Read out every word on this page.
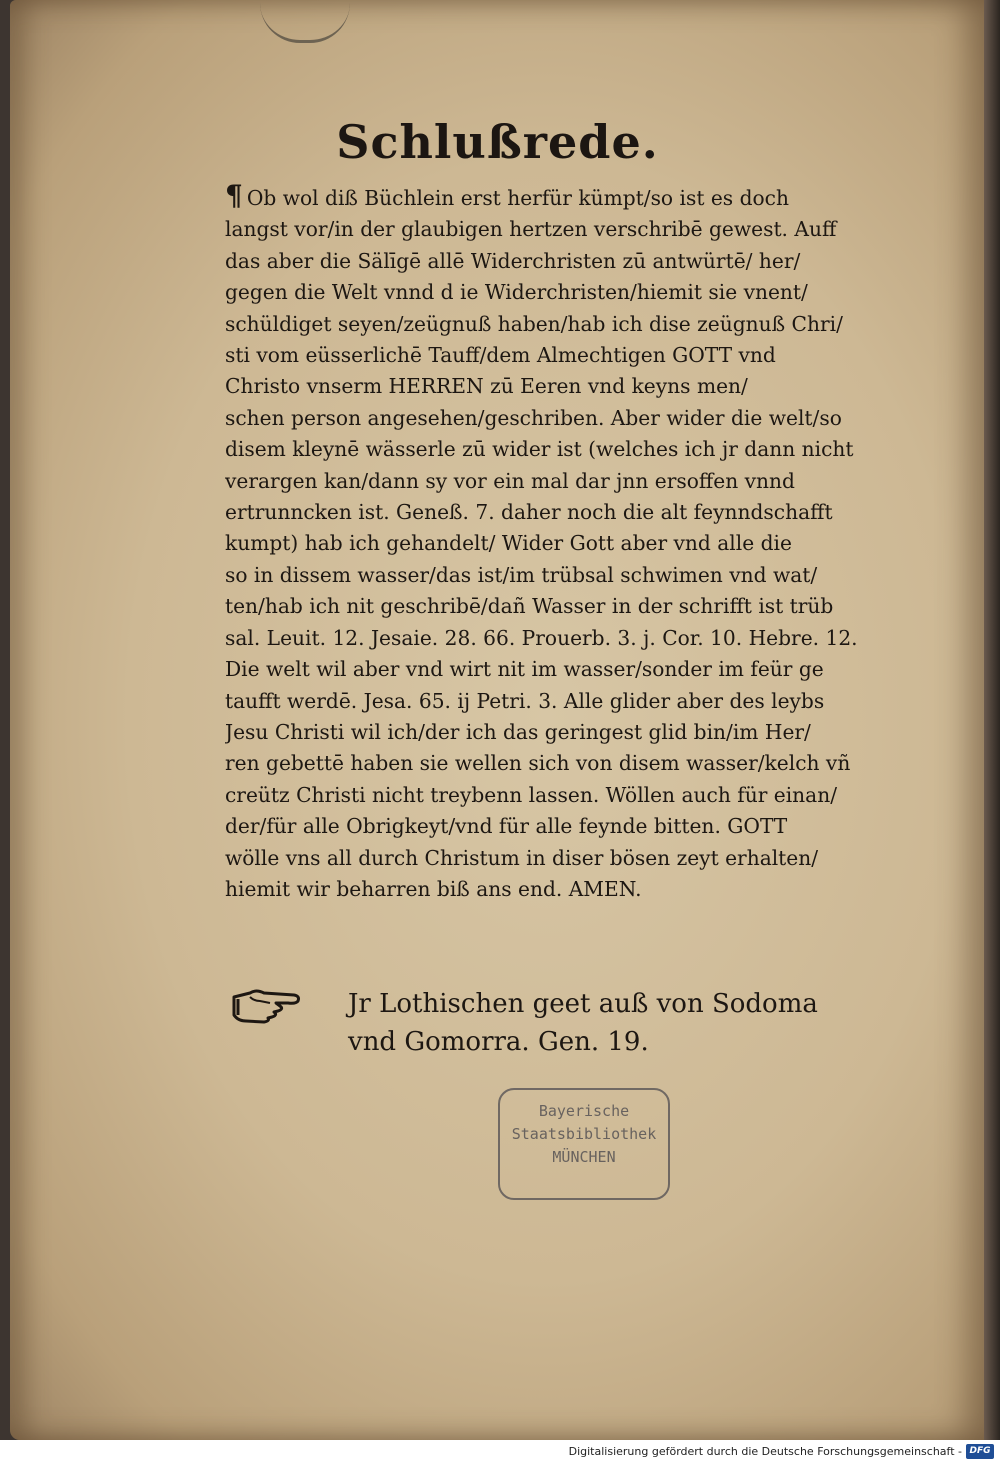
Schlußrede.
¶ Ob wol diß Büchlein erst herfür kümpt/so ist es doch
langst vor/in der glaubigen hertzen verschribē gewest. Auff
das aber die Sälīgē allē Widerchristen zū antwürtē/ her/
gegen die Welt vnnd d ie Widerchristen/hiemit sie vnent/
schüldiget seyen/zeügnuß haben/hab ich dise zeügnuß Chri/
sti vom eüsserlichē Tauff/dem Almechtigen GOTT vnd
Christo vnserm HERREN zū Eeren vnd keyns men/
schen person angesehen/geschriben. Aber wider die welt/so
disem kleynē wässerle zū wider ist (welches ich jr dann nicht
verargen kan/dann sy vor ein mal dar jnn ersoffen vnnd
ertrunncken ist. Geneß. 7. daher noch die alt feynndschafft
kumpt) hab ich gehandelt/ Wider Gott aber vnd alle die
so in dissem wasser/das ist/im trübsal schwimen vnd wat/
ten/hab ich nit geschribē/dañ Wasser in der schrifft ist trüb
sal. Leuit. 12. Jesaie. 28. 66. Prouerb. 3. j. Cor. 10. Hebre. 12.
Die welt wil aber vnd wirt nit im wasser/sonder im feür ge
taufft werdē. Jesa. 65. ij Petri. 3. Alle glider aber des leybs
Jesu Christi wil ich/der ich das geringest glid bin/im Her/
ren gebettē haben sie wellen sich von disem wasser/kelch vñ
creütz Christi nicht treybenn lassen. Wöllen auch für einan/
der/für alle Obrigkeyt/vnd für alle feynde bitten. GOTT
wölle vns all durch Christum in diser bösen zeyt erhalten/
hiemit wir beharren biß ans end. AMEN.
Jr Lothischen geet auß von Sodoma
vnd Gomorra. Gen. 19.
Bayerische
Staatsbibliothek
MÜNCHEN
Digitalisierung gefördert durch die Deutsche Forschungsgemeinschaft - DFG
